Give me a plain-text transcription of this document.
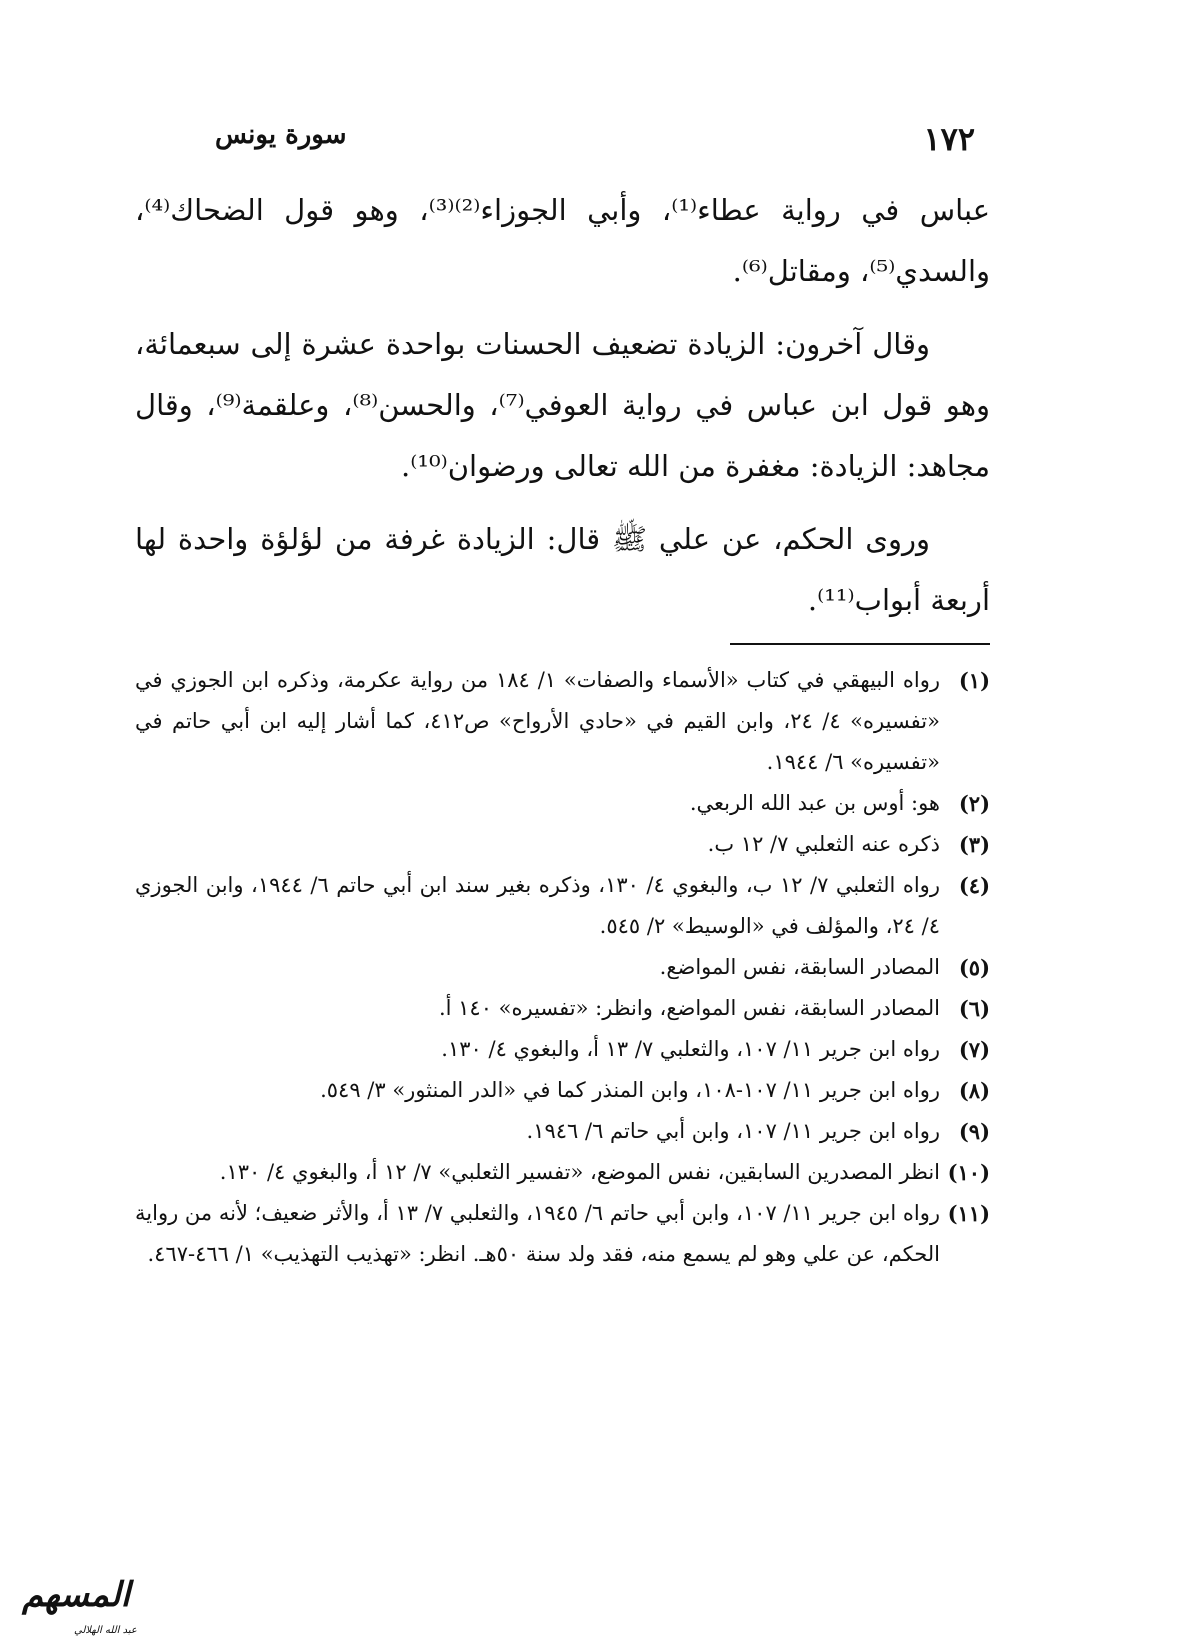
١٧٢
سورة يونس

عباس في رواية عطاء⁽¹⁾، وأبي الجوزاء⁽²⁾⁽³⁾، وهو قول الضحاك⁽⁴⁾، والسدي⁽⁵⁾، ومقاتل⁽⁶⁾.

وقال آخرون: الزيادة تضعيف الحسنات بواحدة عشرة إلى سبعمائة، وهو قول ابن عباس في رواية العوفي⁽⁷⁾، والحسن⁽⁸⁾، وعلقمة⁽⁹⁾، وقال مجاهد: الزيادة: مغفرة من الله تعالى ورضوان⁽¹⁰⁾.

وروى الحكم، عن علي ﷺ قال: الزيادة غرفة من لؤلؤة واحدة لها أربعة أبواب⁽¹¹⁾.

(١)
رواه البيهقي في كتاب «الأسماء والصفات» ١/ ١٨٤ من رواية عكرمة، وذكره ابن الجوزي في «تفسيره» ٤/ ٢٤، وابن القيم في «حادي الأرواح» ص٤١٢، كما أشار إليه ابن أبي حاتم في «تفسيره» ٦/ ١٩٤٤.
(٢)
هو: أوس بن عبد الله الربعي.
(٣)
ذكره عنه الثعلبي ٧/ ١٢ ب.
(٤)
رواه الثعلبي ٧/ ١٢ ب، والبغوي ٤/ ١٣٠، وذكره بغير سند ابن أبي حاتم ٦/ ١٩٤٤، وابن الجوزي ٤/ ٢٤، والمؤلف في «الوسيط» ٢/ ٥٤٥.
(٥)
المصادر السابقة، نفس المواضع.
(٦)
المصادر السابقة، نفس المواضع، وانظر: «تفسيره» ١٤٠ أ.
(٧)
رواه ابن جرير ١١/ ١٠٧، والثعلبي ٧/ ١٣ أ، والبغوي ٤/ ١٣٠.
(٨)
رواه ابن جرير ١١/ ١٠٧-١٠٨، وابن المنذر كما في «الدر المنثور» ٣/ ٥٤٩.
(٩)
رواه ابن جرير ١١/ ١٠٧، وابن أبي حاتم ٦/ ١٩٤٦.
(١٠)
انظر المصدرين السابقين، نفس الموضع، «تفسير الثعلبي» ٧/ ١٢ أ، والبغوي ٤/ ١٣٠.
(١١)
رواه ابن جرير ١١/ ١٠٧، وابن أبي حاتم ٦/ ١٩٤٥، والثعلبي ٧/ ١٣ أ، والأثر ضعيف؛ لأنه من رواية الحكم، عن علي وهو لم يسمع منه، فقد ولد سنة ٥٠هـ. انظر: «تهذيب التهذيب» ١/ ٤٦٦-٤٦٧.
المسهم
عبد الله الهلالي
